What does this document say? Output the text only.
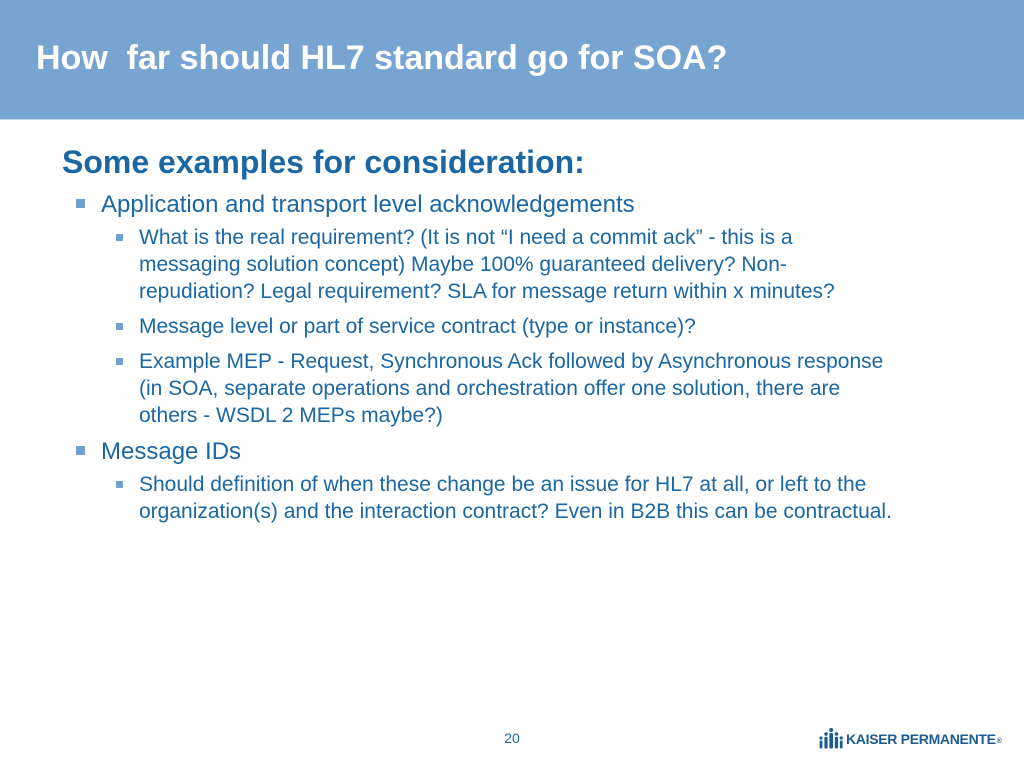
How  far should HL7 standard go for SOA?
Some examples for consideration:
Application and transport level acknowledgements
What is the real requirement? (It is not “I need a commit ack” - this is a messaging solution concept) Maybe 100% guaranteed delivery? Non-repudiation? Legal requirement? SLA for message return within x minutes?
Message level or part of service contract (type or instance)?
Example MEP - Request, Synchronous Ack followed by Asynchronous response (in SOA, separate operations and orchestration offer one solution, there are others - WSDL 2 MEPs maybe?)
Message IDs
Should definition of when these change be an issue for HL7 at all, or left to the organization(s) and the interaction contract? Even in B2B this can be contractual.
20	KAISER PERMANENTE®
